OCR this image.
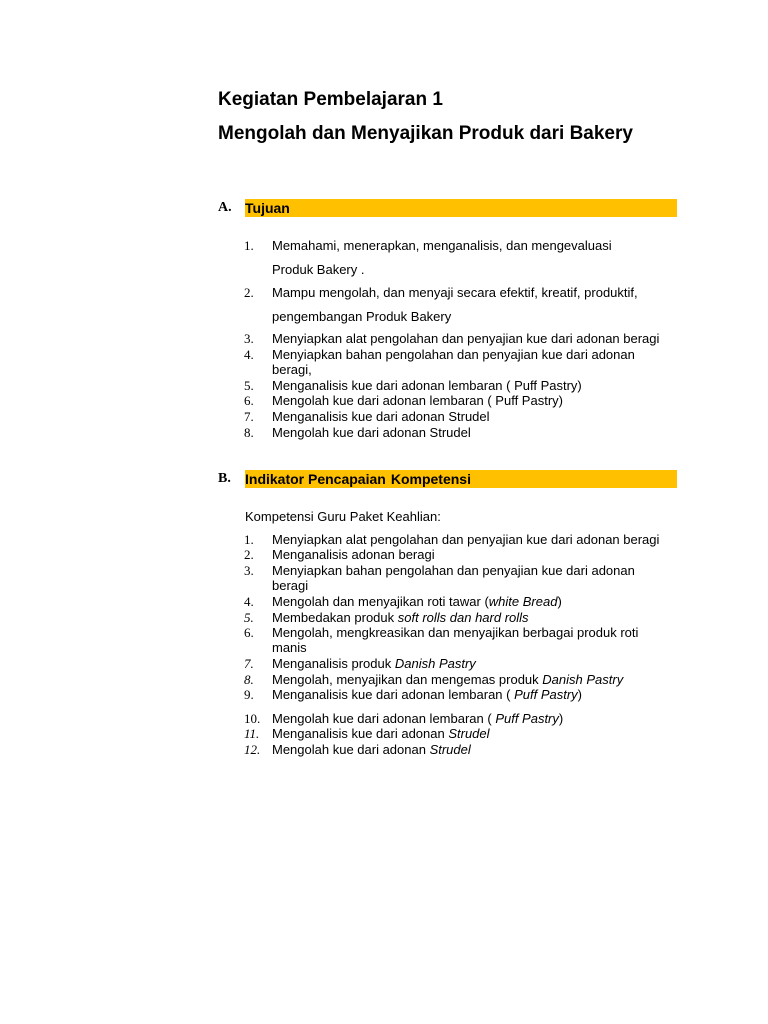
Kegiatan Pembelajaran 1
Mengolah dan Menyajikan Produk dari Bakery
A. Tujuan
1. Memahami, menerapkan, menganalisis, dan mengevaluasi
Produk Bakery .
2. Mampu mengolah, dan menyaji secara efektif, kreatif, produktif,
pengembangan Produk Bakery
3. Menyiapkan alat pengolahan dan penyajian kue dari adonan beragi
4. Menyiapkan bahan pengolahan dan penyajian kue dari adonan
beragi,
5. Menganalisis kue dari adonan lembaran ( Puff Pastry)
6. Mengolah kue dari adonan lembaran ( Puff Pastry)
7. Menganalisis kue dari adonan Strudel
8. Mengolah kue dari adonan Strudel
B. Indikator Pencapaian Kompetensi
Kompetensi Guru Paket Keahlian:
1. Menyiapkan alat pengolahan dan penyajian kue dari adonan beragi
2. Menganalisis adonan beragi
3. Menyiapkan bahan pengolahan dan penyajian kue dari adonan
beragi
4. Mengolah dan menyajikan roti tawar (white Bread)
5. Membedakan produk soft rolls dan hard rolls
6. Mengolah, mengkreasikan dan menyajikan berbagai produk roti
manis
7. Menganalisis produk Danish Pastry
8. Mengolah, menyajikan dan mengemas produk Danish Pastry
9. Menganalisis kue dari adonan lembaran ( Puff Pastry)
10. Mengolah kue dari adonan lembaran ( Puff Pastry)
11. Menganalisis kue dari adonan Strudel
12. Mengolah kue dari adonan Strudel
